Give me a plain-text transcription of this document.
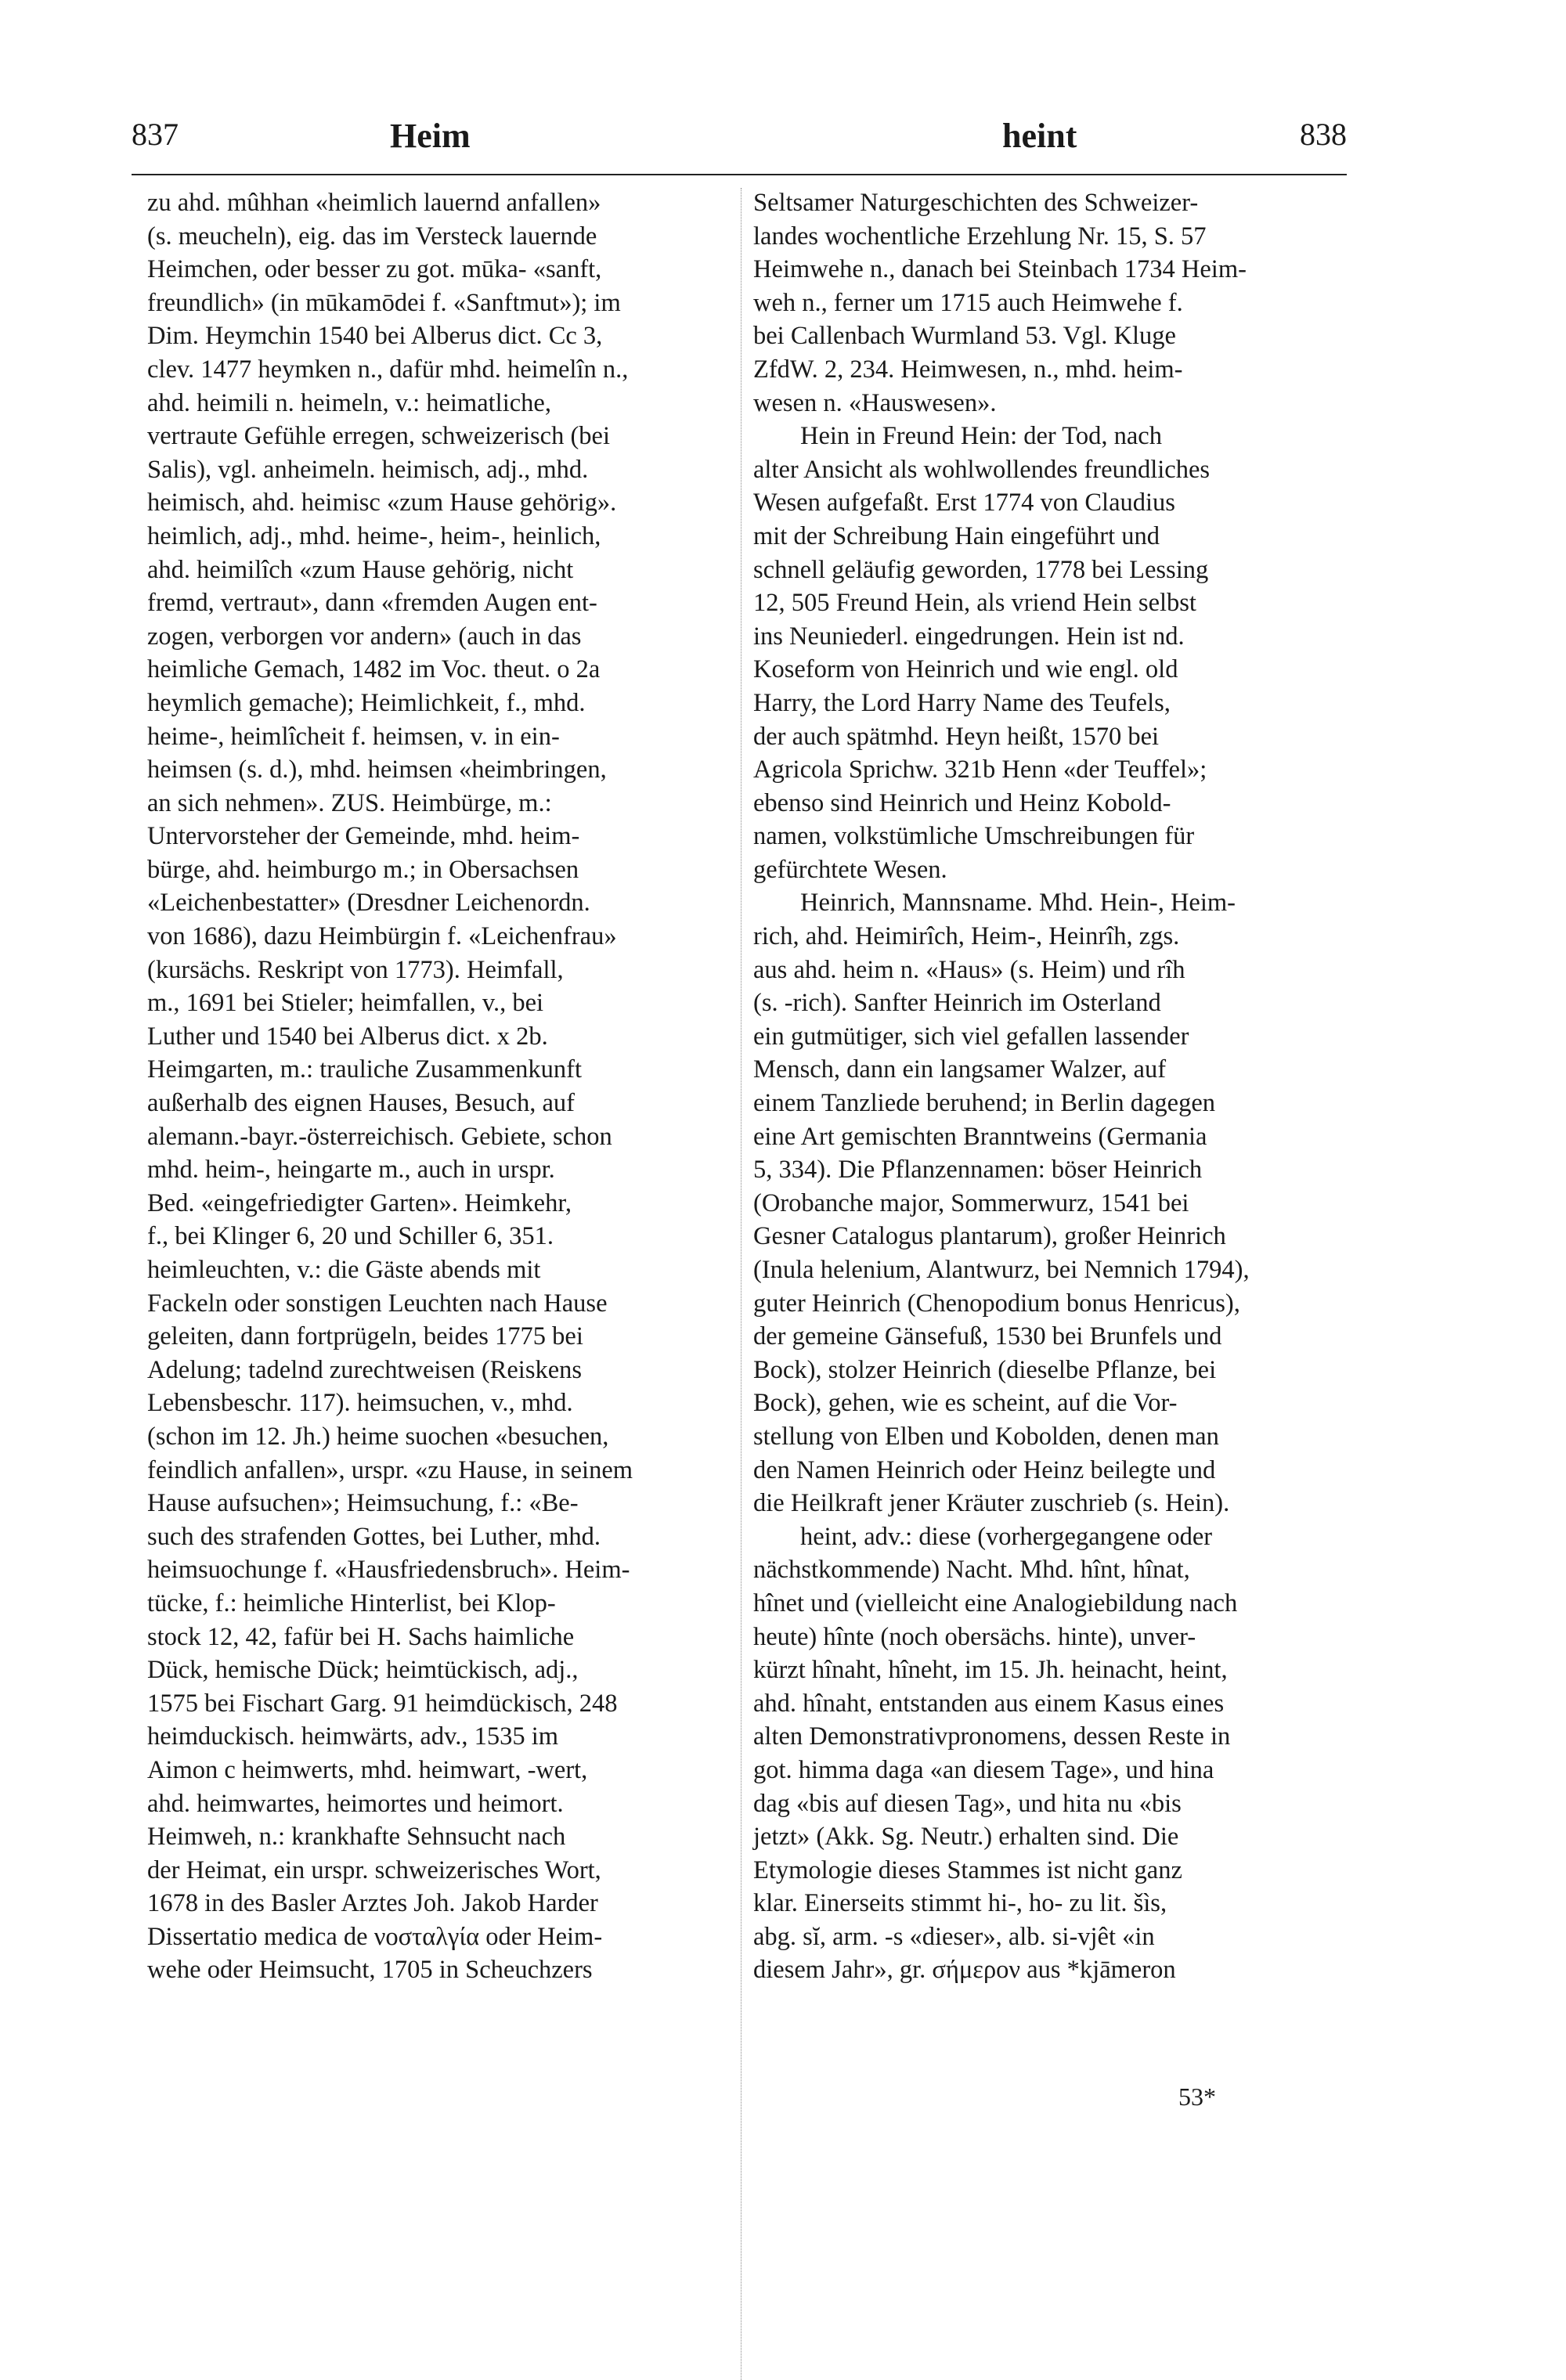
837	Heim	heint	838
zu ahd. mûhhan «heimlich lauernd anfallen»
(s. meucheln), eig. das im Versteck lauernde
Heimchen, oder besser zu got. mūka- «sanft,
freundlich» (in mūkamōdei f. «Sanftmut»); im
Dim. Heymchin 1540 bei Alberus dict. Cc 3,
clev. 1477 heymken n., dafür mhd. heimelîn n.,
ahd. heimili n. heimeln, v.: heimatliche,
vertraute Gefühle erregen, schweizerisch (bei
Salis), vgl. anheimeln. heimisch, adj., mhd.
heimisch, ahd. heimisc «zum Hause gehörig».
heimlich, adj., mhd. heime-, heim-, heinlich,
ahd. heimilîch «zum Hause gehörig, nicht
fremd, vertraut», dann «fremden Augen ent-
zogen, verborgen vor andern» (auch in das
heimliche Gemach, 1482 im Voc. theut. o 2a
heymlich gemache); Heimlichkeit, f., mhd.
heime-, heimlîcheit f. heimsen, v. in ein-
heimsen (s. d.), mhd. heimsen «heimbringen,
an sich nehmen». ZUS. Heimbürge, m.:
Untervorsteher der Gemeinde, mhd. heim-
bürge, ahd. heimburgo m.; in Obersachsen
«Leichenbestatter» (Dresdner Leichenordn.
von 1686), dazu Heimbürgin f. «Leichenfrau»
(kursächs. Reskript von 1773). Heimfall,
m., 1691 bei Stieler; heimfallen, v., bei
Luther und 1540 bei Alberus dict. x 2b.
Heimgarten, m.: trauliche Zusammenkunft
außerhalb des eignen Hauses, Besuch, auf
alemann.-bayr.-österreichisch. Gebiete, schon
mhd. heim-, heingarte m., auch in urspr.
Bed. «eingefriedigter Garten». Heimkehr,
f., bei Klinger 6, 20 und Schiller 6, 351.
heimleuchten, v.: die Gäste abends mit
Fackeln oder sonstigen Leuchten nach Hause
geleiten, dann fortprügeln, beides 1775 bei
Adelung; tadelnd zurechtweisen (Reiskens
Lebensbeschr. 117). heimsuchen, v., mhd.
(schon im 12. Jh.) heime suochen «besuchen,
feindlich anfallen», urspr. «zu Hause, in seinem
Hause aufsuchen»; Heimsuchung, f.: «Be-
such des strafenden Gottes, bei Luther, mhd.
heimsuochunge f. «Hausfriedensbruch». Heim-
tücke, f.: heimliche Hinterlist, bei Klop-
stock 12, 42, fafür bei H. Sachs haimliche
Dück, hemische Dück; heimtückisch, adj.,
1575 bei Fischart Garg. 91 heimdückisch, 248
heimduckisch. heimwärts, adv., 1535 im
Aimon c heimwerts, mhd. heimwart, -wert,
ahd. heimwartes, heimortes und heimort.
Heimweh, n.: krankhafte Sehnsucht nach
der Heimat, ein urspr. schweizerisches Wort,
1678 in des Basler Arztes Joh. Jakob Harder
Dissertatio medica de νοσταλγία oder Heim-
wehe oder Heimsucht, 1705 in Scheuchzers
Seltsamer Naturgeschichten des Schweizer-
landes wochentliche Erzehlung Nr. 15, S. 57
Heimwehe n., danach bei Steinbach 1734 Heim-
weh n., ferner um 1715 auch Heimwehe f.
bei Callenbach Wurmland 53. Vgl. Kluge
ZfdW. 2, 234. Heimwesen, n., mhd. heim-
wesen n. «Hauswesen».
Hein in Freund Hein: der Tod, nach
alter Ansicht als wohlwollendes freundliches
Wesen aufgefaßt. Erst 1774 von Claudius
mit der Schreibung Hain eingeführt und
schnell geläufig geworden, 1778 bei Lessing
12, 505 Freund Hein, als vriend Hein selbst
ins Neuniederl. eingedrungen. Hein ist nd.
Koseform von Heinrich und wie engl. old
Harry, the Lord Harry Name des Teufels,
der auch spätmhd. Heyn heißt, 1570 bei
Agricola Sprichw. 321b Henn «der Teuffel»;
ebenso sind Heinrich und Heinz Kobold-
namen, volkstümliche Umschreibungen für
gefürchtete Wesen.
Heinrich, Mannsname. Mhd. Hein-, Heim-
rich, ahd. Heimirîch, Heim-, Heinrîh, zgs.
aus ahd. heim n. «Haus» (s. Heim) und rîh
(s. -rich). Sanfter Heinrich im Osterland
ein gutmütiger, sich viel gefallen lassender
Mensch, dann ein langsamer Walzer, auf
einem Tanzliede beruhend; in Berlin dagegen
eine Art gemischten Branntweins (Germania
5, 334). Die Pflanzennamen: böser Heinrich
(Orobanche major, Sommerwurz, 1541 bei
Gesner Catalogus plantarum), großer Heinrich
(Inula helenium, Alantwurz, bei Nemnich 1794),
guter Heinrich (Chenopodium bonus Henricus),
der gemeine Gänsefuß, 1530 bei Brunfels und
Bock), stolzer Heinrich (dieselbe Pflanze, bei
Bock), gehen, wie es scheint, auf die Vor-
stellung von Elben und Kobolden, denen man
den Namen Heinrich oder Heinz beilegte und
die Heilkraft jener Kräuter zuschrieb (s. Hein).
heint, adv.: diese (vorhergegangene oder
nächstkommende) Nacht. Mhd. hînt, hînat,
hînet und (vielleicht eine Analogiebildung nach
heute) hînte (noch obersächs. hinte), unver-
kürzt hînaht, hîneht, im 15. Jh. heinacht, heint,
ahd. hînaht, entstanden aus einem Kasus eines
alten Demonstrativpronomens, dessen Reste in
got. himma daga «an diesem Tage», und hina
dag «bis auf diesen Tag», und hita nu «bis
jetzt» (Akk. Sg. Neutr.) erhalten sind. Die
Etymologie dieses Stammes ist nicht ganz
klar. Einerseits stimmt hi-, ho- zu lit. šìs,
abg. sĭ, arm. -s «dieser», alb. si-vjêt «in
diesem Jahr», gr. σήμερον aus *kjāmeron
53*
